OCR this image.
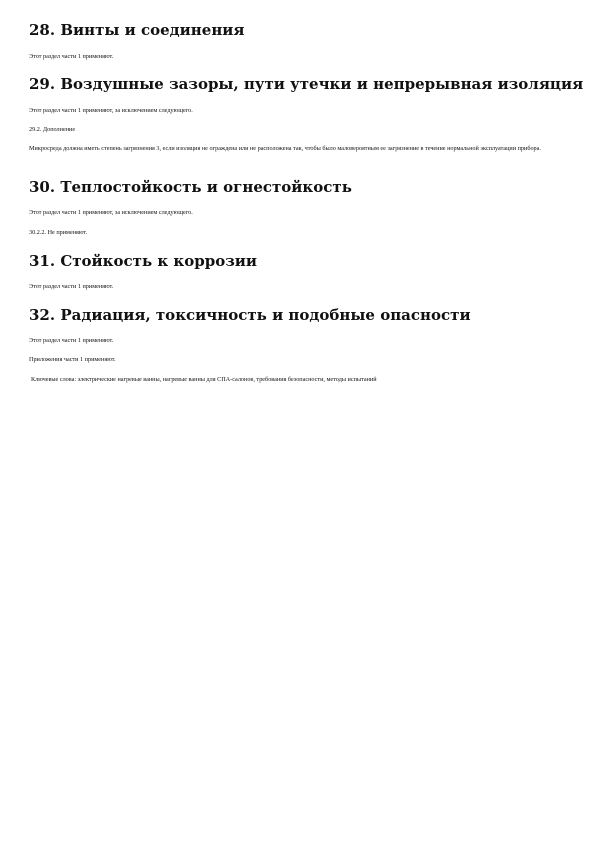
28. Винты и соединения
Этот раздел части 1 применяют.
29. Воздушные зазоры, пути утечки и непрерывная изоляция
Этот раздел части 1 применяют, за исключением следующего.
29.2. Дополнение
Микросреда должна иметь степень загрязнения 3, если изоляция не ограждена или не расположена так, чтобы было маловероятным ее загрязнение в течение нормальной эксплуатации прибора.
30. Теплостойкость и огнестойкость
Этот раздел части 1 применяют, за исключением следующего.
30.2.2. Не применяют.
31. Стойкость к коррозии
Этот раздел части 1 применяют.
32. Радиация, токсичность и подобные опасности
Этот раздел части 1 применяют.
Приложения части 1 применяют.
Ключевые слова: электрические нагревые ванны, нагревые ванны для СПА-салонов, требования безопасности, методы испытаний
